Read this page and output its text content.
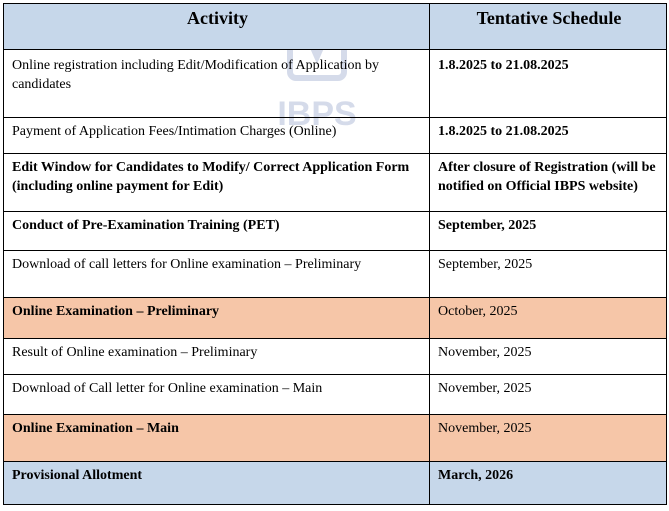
IBPS
Activity	Tentative Schedule
Online registration including Edit/Modification of Application by candidates	1.8.2025 to 21.08.2025
Payment of Application Fees/Intimation Charges (Online)	1.8.2025 to 21.08.2025
Edit Window for Candidates to Modify/ Correct Application Form (including online payment for Edit)	After closure of Registration (will be notified on Official IBPS website)
Conduct of Pre-Examination Training (PET)	September, 2025
Download of call letters for Online examination – Preliminary	September, 2025
Online Examination – Preliminary	October, 2025
Result of Online examination – Preliminary	November, 2025
Download of Call letter for Online examination – Main	November, 2025
Online Examination – Main	November, 2025
Provisional Allotment	March, 2026
